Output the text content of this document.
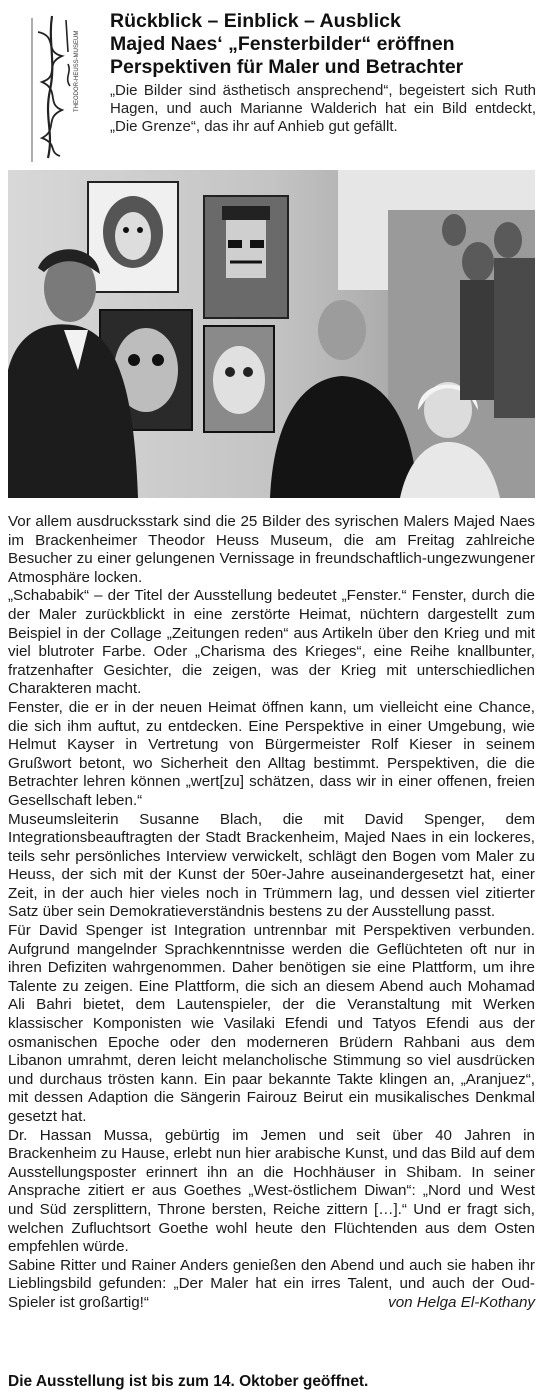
THEODOR-HEUSS-MUSEUM
Rückblick – Einblick – Ausblick
Majed Naes‘ „Fensterbilder“ eröffnen
Perspektiven für Maler und Betrachter
„Die Bilder sind ästhetisch ansprechend“, begeistert sich Ruth Hagen, und auch Marianne Walderich hat ein Bild entdeckt, „Die Grenze“, das ihr auf Anhieb gut gefällt.

Vor allem ausdrucksstark sind die 25 Bilder des syrischen Malers Majed Naes im Brackenheimer Theodor Heuss Museum, die am Freitag zahlreiche Besucher zu einer gelungenen Vernissage in freundschaftlich-ungezwungener Atmosphäre locken.

„Schababik“ – der Titel der Ausstellung bedeutet „Fenster.“ Fenster, durch die der Maler zurückblickt in eine zerstörte Heimat, nüchtern dargestellt zum Beispiel in der Collage „Zeitungen reden“ aus Artikeln über den Krieg und mit viel blutroter Farbe. Oder „Charisma des Krieges“, eine Reihe knallbunter, fratzenhafter Gesichter, die zeigen, was der Krieg mit unterschiedlichen Charakteren macht.

Fenster, die er in der neuen Heimat öffnen kann, um vielleicht eine Chance, die sich ihm auftut, zu entdecken. Eine Perspektive in einer Umgebung, wie Helmut Kayser in Vertretung von Bürgermeister Rolf Kieser in seinem Grußwort betont, wo Sicherheit den Alltag bestimmt. Perspektiven, die die Betrachter lehren können „wert[zu] schätzen, dass wir in einer offenen, freien Gesellschaft leben.“

Museumsleiterin Susanne Blach, die mit David Spenger, dem Integrationsbeauftragten der Stadt Brackenheim, Majed Naes in ein lockeres, teils sehr persönliches Interview verwickelt, schlägt den Bogen vom Maler zu Heuss, der sich mit der Kunst der 50er-Jahre auseinandergesetzt hat, einer Zeit, in der auch hier vieles noch in Trümmern lag, und dessen viel zitierter Satz über sein Demokratieverständnis bestens zu der Ausstellung passt.

Für David Spenger ist Integration untrennbar mit Perspektiven verbunden. Aufgrund mangelnder Sprachkenntnisse werden die Geflüchteten oft nur in ihren Defiziten wahrgenommen. Daher benötigen sie eine Plattform, um ihre Talente zu zeigen. Eine Plattform, die sich an diesem Abend auch Mohamad Ali Bahri bietet, dem Lautenspieler, der die Veranstaltung mit Werken klassischer Komponisten wie Vasilaki Efendi und Tatyos Efendi aus der osmanischen Epoche oder den moderneren Brüdern Rahbani aus dem Libanon umrahmt, deren leicht melancholische Stimmung so viel ausdrücken und durchaus trösten kann. Ein paar bekannte Takte klingen an, „Aranjuez“, mit dessen Adaption die Sängerin Fairouz Beirut ein musikalisches Denkmal gesetzt hat.

Dr. Hassan Mussa, gebürtig im Jemen und seit über 40 Jahren in Brackenheim zu Hause, erlebt nun hier arabische Kunst, und das Bild auf dem Ausstellungsposter erinnert ihn an die Hochhäuser in Shibam. In seiner Ansprache zitiert er aus Goethes „West-östlichem Diwan“: „Nord und West und Süd zersplittern, Throne bersten, Reiche zittern […].“ Und er fragt sich, welchen Zufluchtsort Goethe wohl heute den Flüchtenden aus dem Osten empfehlen würde.

Sabine Ritter und Rainer Anders genießen den Abend und auch sie haben ihr Lieblingsbild gefunden: „Der Maler hat ein irres Talent, und auch der Oud-Spieler ist großartig!“	von Helga El-Kothany

Die Ausstellung ist bis zum 14. Oktober geöffnet.
